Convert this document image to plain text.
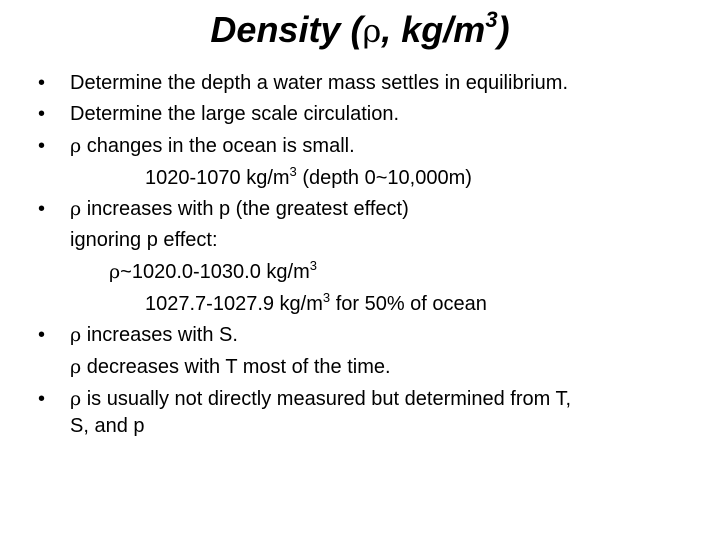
Density (ρ, $kg/m^3$)
• Determine the depth a water mass settles in equilibrium.
• Determine the large scale circulation.
• ρ changes in the ocean is small.
1020-1070 $kg/m^3$ (depth 0~10,000m)
• ρ increases with p (the greatest effect)
ignoring p effect:
ρ~1020.0-1030.0 $kg/m^3$
1027.7-1027.9 $kg/m^3$ for 50% of ocean
• ρ increases with S.
ρ decreases with T most of the time.
• ρ is usually not directly measured but determined from T,
S, and p
